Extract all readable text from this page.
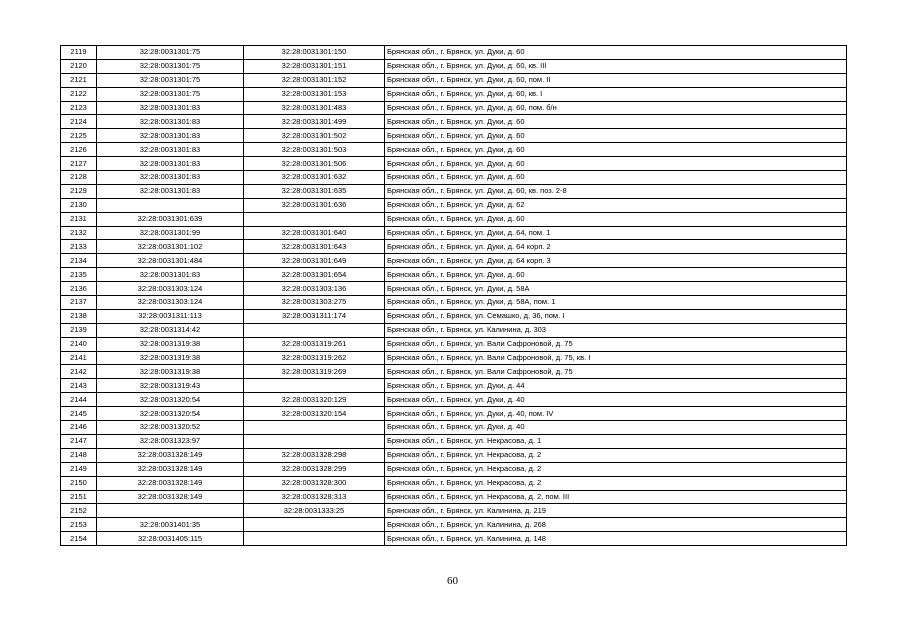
2119	32:28:0031301:75	32:28:0031301:150	Брянская обл., г. Брянск, ул. Дуки, д. 60
2120	32:28:0031301:75	32:28:0031301:151	Брянская обл., г. Брянск, ул. Дуки, д. 60, кв. III
2121	32:28:0031301:75	32:28:0031301:152	Брянская обл., г. Брянск, ул. Дуки, д. 60, пом. II
2122	32:28:0031301:75	32:28:0031301:153	Брянская обл., г. Брянск, ул. Дуки, д. 60, кв. I
2123	32:28:0031301:83	32:28:0031301:483	Брянская обл., г. Брянск, ул. Дуки, д. 60, пом. б/н
2124	32:28:0031301:83	32:28:0031301:499	Брянская обл., г. Брянск, ул. Дуки, д. 60
2125	32:28:0031301:83	32:28:0031301:502	Брянская обл., г. Брянск, ул. Дуки, д. 60
2126	32:28:0031301:83	32:28:0031301:503	Брянская обл., г. Брянск, ул. Дуки, д. 60
2127	32:28:0031301:83	32:28:0031301:506	Брянская обл., г. Брянск, ул. Дуки, д. 60
2128	32:28:0031301:83	32:28:0031301:632	Брянская обл., г. Брянск, ул. Дуки, д. 60
2129	32:28:0031301:83	32:28:0031301:635	Брянская обл., г. Брянск, ул. Дуки, д. 60, кв. поз. 2-8
2130		32:28:0031301:636	Брянская обл., г. Брянск, ул. Дуки, д. 62
2131	32:28:0031301:639		Брянская обл., г. Брянск, ул. Дуки, д. 60
2132	32:28:0031301:99	32:28:0031301:640	Брянская обл., г. Брянск, ул. Дуки, д. 64, пом. 1
2133	32:28:0031301:102	32:28:0031301:643	Брянская обл., г. Брянск, ул. Дуки, д. 64 корп. 2
2134	32:28:0031301:484	32:28:0031301:649	Брянская обл., г. Брянск, ул. Дуки, д. 64 корп. 3
2135	32:28:0031301:83	32:28:0031301:654	Брянская обл., г. Брянск, ул. Дуки, д. 60
2136	32:28:0031303:124	32:28:0031303:136	Брянская обл., г. Брянск, ул. Дуки, д. 58А
2137	32:28:0031303:124	32:28:0031303:275	Брянская обл., г. Брянск, ул. Дуки, д. 58А, пом. 1
2138	32:28:0031311:113	32:28:0031311:174	Брянская обл., г. Брянск, ул. Семашко, д. 36, пом. I
2139	32:28:0031314:42		Брянская обл., г. Брянск, ул. Калинина, д. 303
2140	32:28:0031319:38	32:28:0031319:261	Брянская обл., г. Брянск, ул. Вали Сафроновой, д. 75
2141	32:28:0031319:38	32:28:0031319:262	Брянская обл., г. Брянск, ул. Вали Сафроновой, д. 75, кв. I
2142	32:28:0031319:38	32:28:0031319:269	Брянская обл., г. Брянск, ул. Вали Сафроновой, д. 75
2143	32:28:0031319:43		Брянская обл., г. Брянск, ул. Дуки, д. 44
2144	32:28:0031320:54	32:28:0031320:129	Брянская обл., г. Брянск, ул. Дуки, д. 40
2145	32:28:0031320:54	32:28:0031320:154	Брянская обл., г. Брянск, ул. Дуки, д. 40, пом. IV
2146	32:28:0031320:52		Брянская обл., г. Брянск, ул. Дуки, д. 40
2147	32:28:0031323:97		Брянская обл., г. Брянск, ул. Некрасова, д. 1
2148	32:28:0031328:149	32:28:0031328:298	Брянская обл., г. Брянск, ул. Некрасова, д. 2
2149	32:28:0031328:149	32:28:0031328:299	Брянская обл., г. Брянск, ул. Некрасова, д. 2
2150	32:28:0031328:149	32:28:0031328:300	Брянская обл., г. Брянск, ул. Некрасова, д. 2
2151	32:28:0031328:149	32:28:0031328:313	Брянская обл., г. Брянск, ул. Некрасова, д. 2, пом. III
2152		32:28:0031333:25	Брянская обл., г. Брянск, ул. Калинина, д. 219
2153	32:28:0031401:35		Брянская обл., г. Брянск, ул. Калинина, д. 268
2154	32:28:0031405:115		Брянская обл., г. Брянск, ул. Калинина, д. 148
60
